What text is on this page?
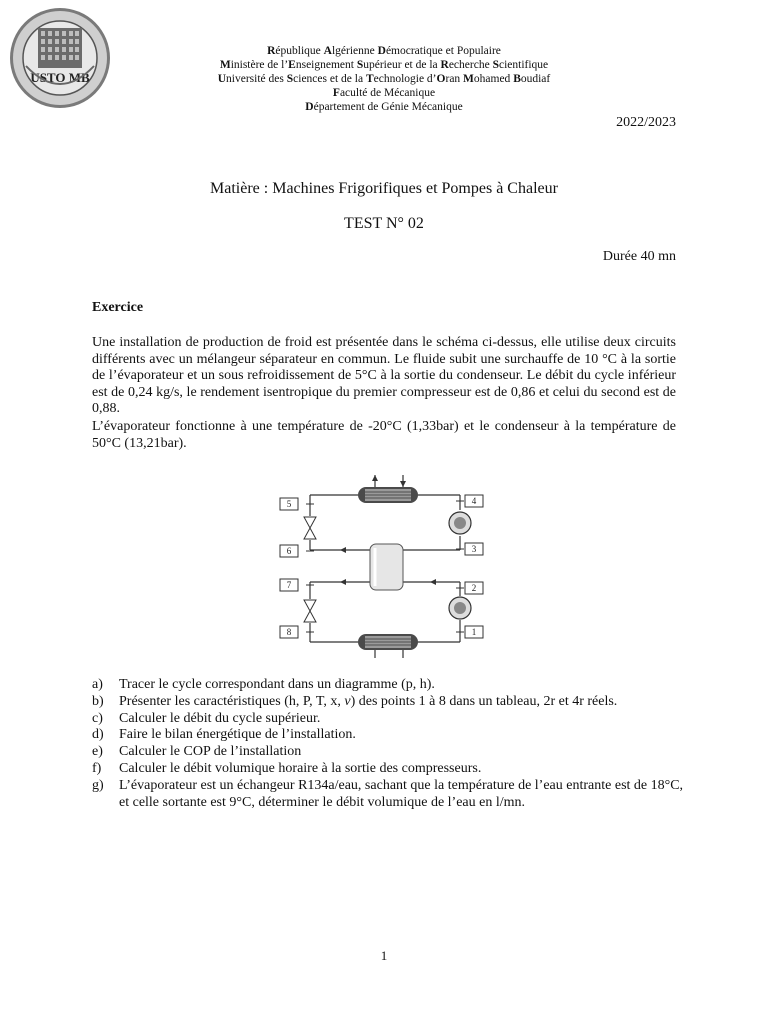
USTO MB
République Algérienne Démocratique et Populaire
Ministère de l’Enseignement Supérieur et de la Recherche Scientifique
Université des Sciences et de la Technologie d’Oran Mohamed Boudiaf
Faculté de Mécanique
Département de Génie Mécanique
2022/2023
Matière : Machines Frigorifiques et Pompes à Chaleur
TEST N° 02
Durée 40 mn
Exercice
Une installation de production de froid est présentée dans le schéma ci-dessus, elle utilise deux circuits différents avec un mélangeur séparateur en commun. Le fluide subit une surchauffe de 10 °C à la sortie de l’évaporateur et un sous refroidissement de 5°C à la sortie du condenseur. Le débit du cycle inférieur est de 0,24 kg/s, le rendement isentropique du premier compresseur est de 0,86 et celui du second est de 0,88.
L’évaporateur fonctionne à une température de -20°C (1,33bar) et le condenseur à la température de 50°C (13,21bar).
5
6
7
8
4
3
2
1
a) Tracer le cycle correspondant dans un diagramme (p, h).
b) Présenter les caractéristiques (h, P, T, x, v) des points 1 à 8 dans un tableau, 2r et 4r réels.
c) Calculer le débit du cycle supérieur.
d) Faire le bilan énergétique de l’installation.
e) Calculer le COP de l’installation
f) Calculer le débit volumique horaire à la sortie des compresseurs.
g) L’évaporateur est un échangeur R134a/eau, sachant que la température de l’eau entrante est de 18°C, et celle sortante est 9°C, déterminer le débit volumique de l’eau en l/mn.
1
